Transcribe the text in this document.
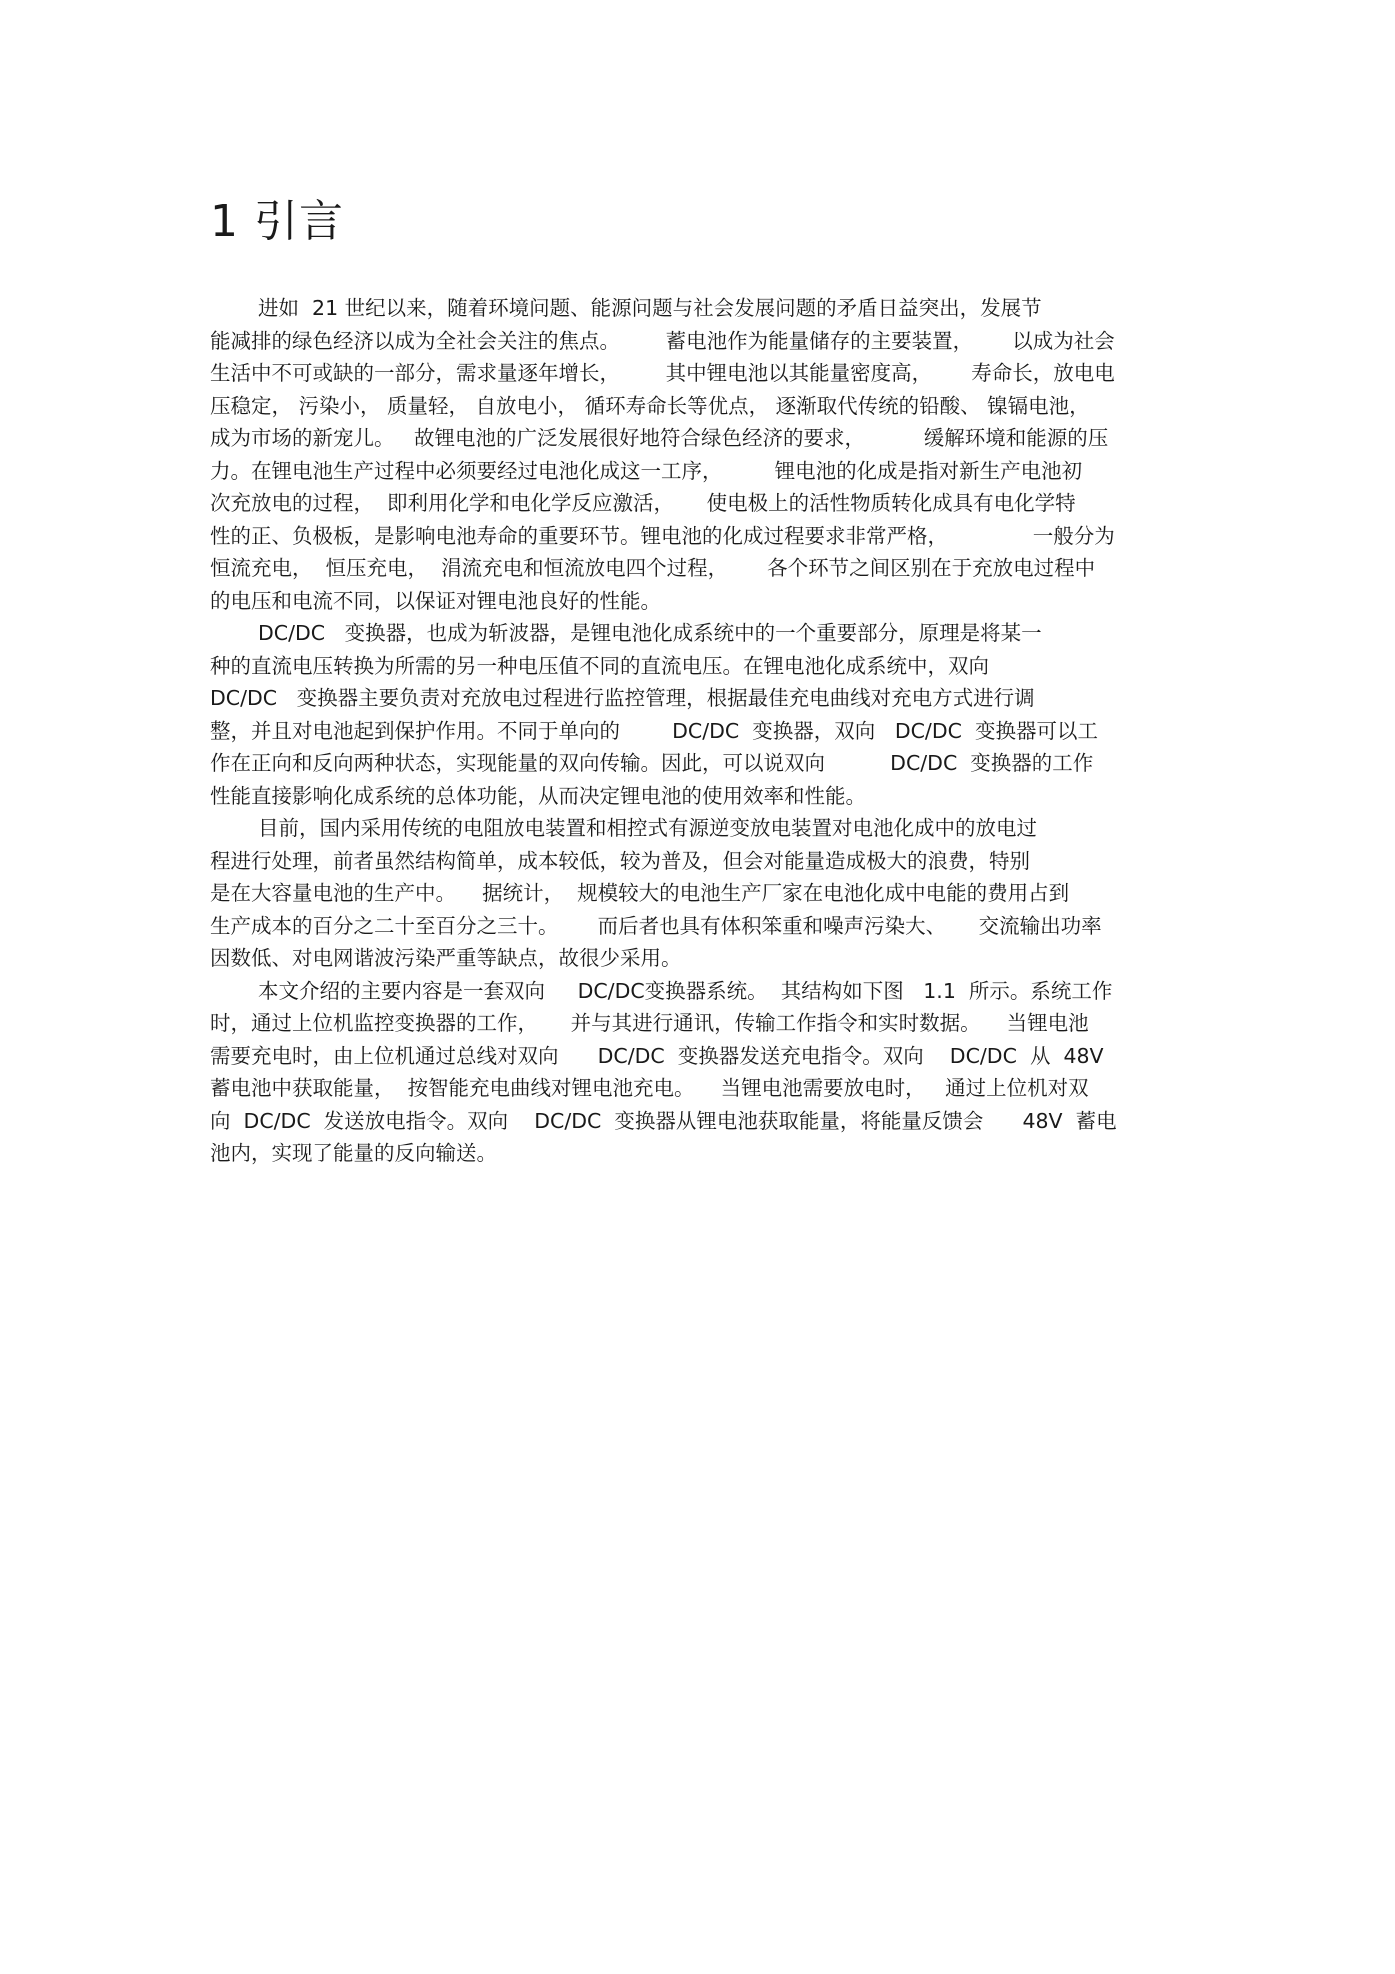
1 引言
进如  21 世纪以来，随着环境问题、能源问题与社会发展问题的矛盾日益突出，发展节
能减排的绿色经济以成为全社会关注的焦点。       蓄电池作为能量储存的主要装置，      以成为社会
生活中不可或缺的一部分，需求量逐年增长，       其中锂电池以其能量密度高，      寿命长，放电电
压稳定， 污染小， 质量轻， 自放电小， 循环寿命长等优点， 逐渐取代传统的铅酸、 镍镉电池，
成为市场的新宠儿。   故锂电池的广泛发展很好地符合绿色经济的要求，         缓解环境和能源的压
力。在锂电池生产过程中必须要经过电池化成这一工序，        锂电池的化成是指对新生产电池初
次充放电的过程，  即利用化学和电化学反应激活，     使电极上的活性物质转化成具有电化学特
性的正、负极板，是影响电池寿命的重要环节。锂电池的化成过程要求非常严格，             一般分为
恒流充电，  恒压充电，  涓流充电和恒流放电四个过程，      各个环节之间区别在于充放电过程中
的电压和电流不同，以保证对锂电池良好的性能。
DC/DC   变换器，也成为斩波器，是锂电池化成系统中的一个重要部分，原理是将某一
种的直流电压转换为所需的另一种电压值不同的直流电压。在锂电池化成系统中，双向
DC/DC   变换器主要负责对充放电过程进行监控管理，根据最佳充电曲线对充电方式进行调
整，并且对电池起到保护作用。不同于单向的        DC/DC  变换器，双向   DC/DC  变换器可以工
作在正向和反向两种状态，实现能量的双向传输。因此，可以说双向          DC/DC  变换器的工作
性能直接影响化成系统的总体功能，从而决定锂电池的使用效率和性能。
目前，国内采用传统的电阻放电装置和相控式有源逆变放电装置对电池化成中的放电过
程进行处理，前者虽然结构简单，成本较低，较为普及，但会对能量造成极大的浪费，特别
是在大容量电池的生产中。    据统计，  规模较大的电池生产厂家在电池化成中电能的费用占到
生产成本的百分之二十至百分之三十。      而后者也具有体积笨重和噪声污染大、     交流输出功率
因数低、对电网谐波污染严重等缺点，故很少采用。
本文介绍的主要内容是一套双向     DC/DC变换器系统。  其结构如下图   1.1  所示。系统工作
时，通过上位机监控变换器的工作，     并与其进行通讯，传输工作指令和实时数据。    当锂电池
需要充电时，由上位机通过总线对双向      DC/DC  变换器发送充电指令。双向    DC/DC  从  48V
蓄电池中获取能量，  按智能充电曲线对锂电池充电。    当锂电池需要放电时，   通过上位机对双
向  DC/DC  发送放电指令。双向    DC/DC  变换器从锂电池获取能量，将能量反馈会      48V  蓄电
池内，实现了能量的反向输送。
